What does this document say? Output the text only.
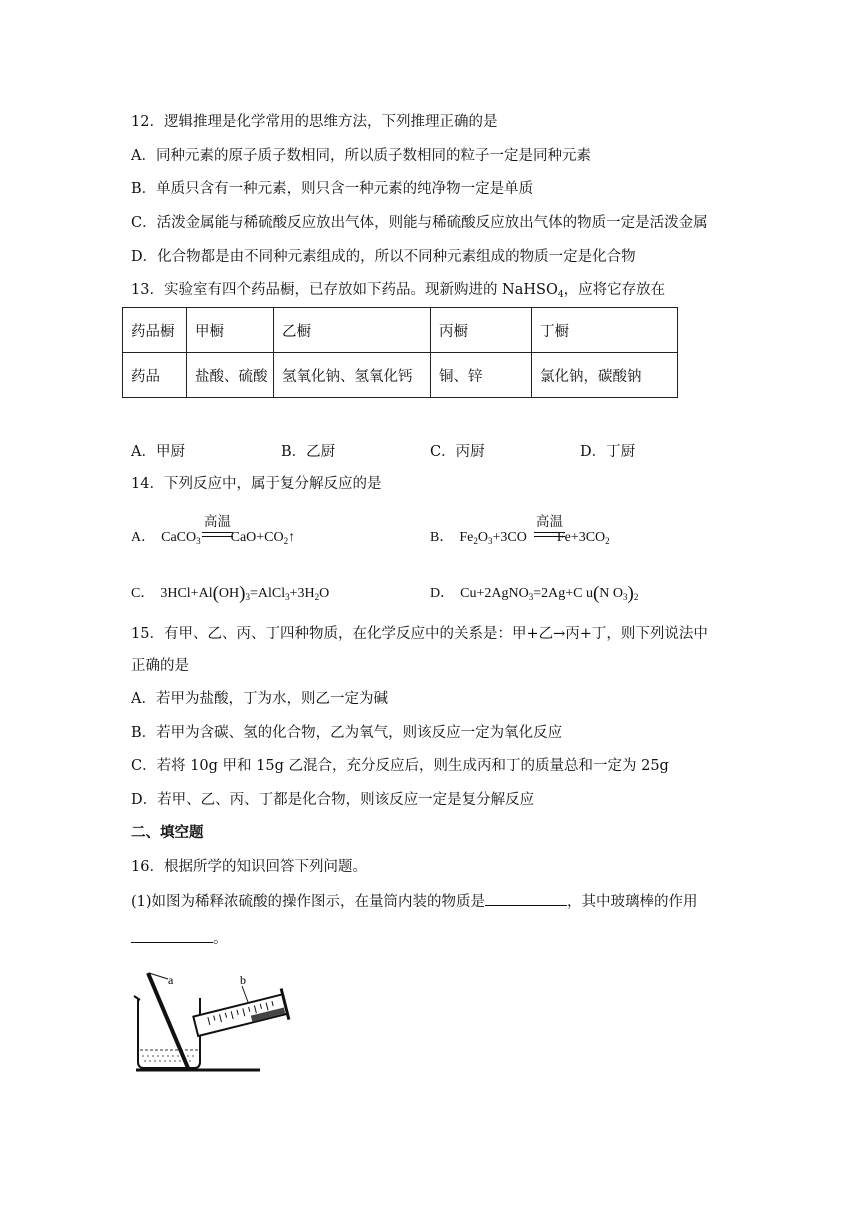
12．逻辑推理是化学常用的思维方法，下列推理正确的是
A．同种元素的原子质子数相同，所以质子数相同的粒子一定是同种元素
B．单质只含有一种元素，则只含一种元素的纯净物一定是单质
C．活泼金属能与稀硫酸反应放出气体，则能与稀硫酸反应放出气体的物质一定是活泼金属
D．化合物都是由不同种元素组成的，所以不同种元素组成的物质一定是化合物
13．实验室有四个药品橱，已存放如下药品。现新购进的 NaHSO$_4$，应将它存放在
药品橱	甲橱	乙橱	丙橱	丁橱
药品	盐酸、硫酸	氢氧化钠、氢氧化钙	铜、锌	氯化钠，碳酸钠
A．甲厨	B．乙厨	C．丙厨	D．丁厨
14．下列反应中，属于复分解反应的是
A． CaCO$_3$ $CaO+CO_2↑$
高温
B． $Fe_2O_3+3CO$ $Fe+3CO_2$
高温
C． $3HCl+Al(OH)_3=AlCl_3+3H_2O$	D． Cu+2AgNO$_3$=2Ag+C u(N $O_3)_2$
15．有甲、乙、丙、丁四种物质，在化学反应中的关系是：甲+乙→丙+丁，则下列说法中
正确的是
A．若甲为盐酸，丁为水，则乙一定为碱
B．若甲为含碳、氢的化合物，乙为氧气，则该反应一定为氧化反应
C．若将 10g 甲和 15g 乙混合，充分反应后，则生成丙和丁的质量总和一定为 25g
D．若甲、乙、丙、丁都是化合物，则该反应一定是复分解反应
二、填空题
16．根据所学的知识回答下列问题。
(1)如图为稀释浓硫酸的操作图示，在量筒内装的物质是	，其中玻璃棒的作用
。
a	b
